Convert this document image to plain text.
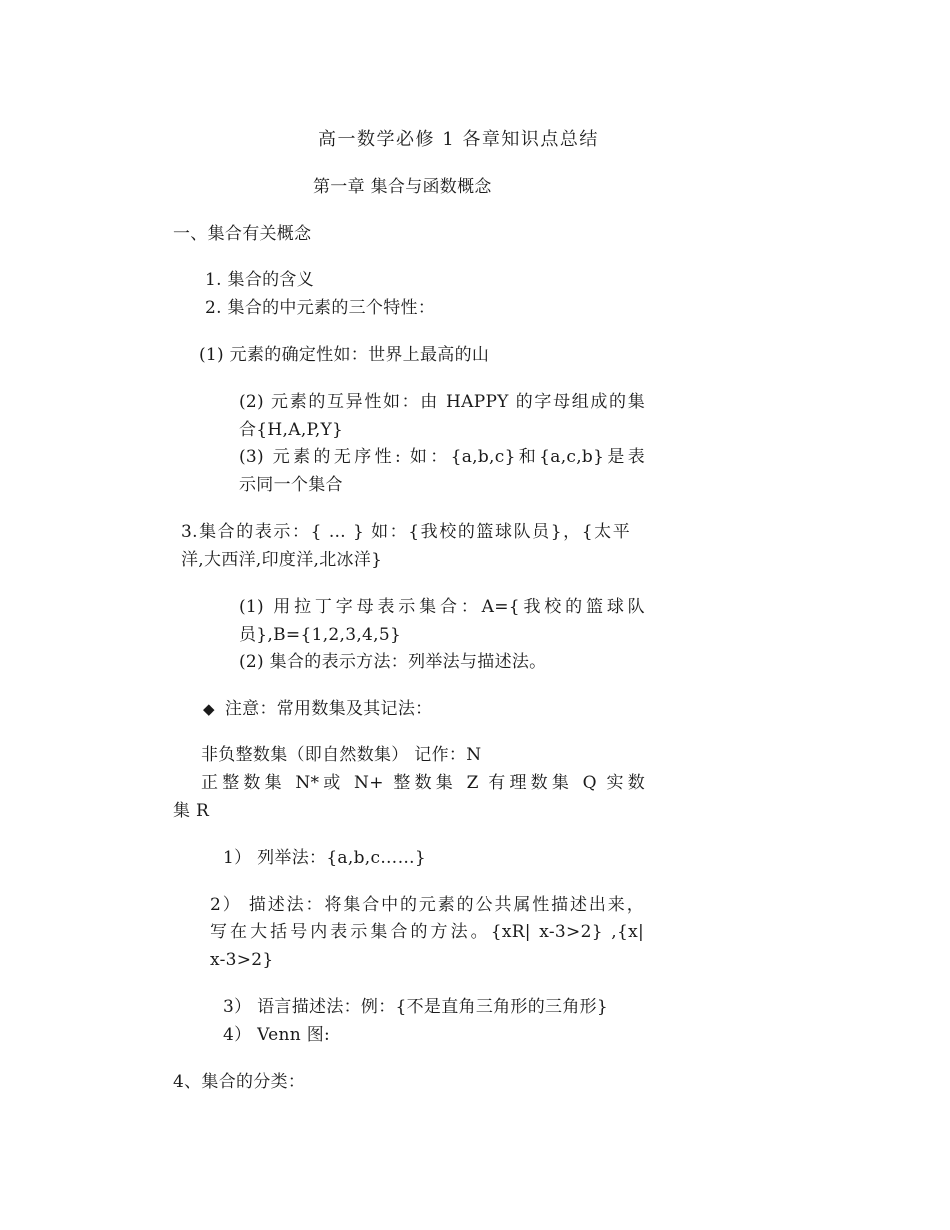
高一数学必修 1 各章知识点总结
第一章 集合与函数概念
一、集合有关概念
1. 集合的含义
2. 集合的中元素的三个特性：
(1) 元素的确定性如：世界上最高的山
(2) 元素的互异性如：由 HAPPY 的字母组成的集
合{H,A,P,Y}
(3) 元素的无序性: 如：{a,b,c}和{a,c,b}是表
示同一个集合
3.集合的表示：{ … } 如：{我校的篮球队员}，{太平
洋,大西洋,印度洋,北冰洋}
(1) 用拉丁字母表示集合：A={我校的篮球队
员},B={1,2,3,4,5}
(2) 集合的表示方法：列举法与描述法。
◆ 注意：常用数集及其记法：
非负整数集（即自然数集） 记作：N
正整数集 N*或 N+ 整数集 Z 有理数集 Q 实数
集 R
1） 列举法：{a,b,c……}
2） 描述法：将集合中的元素的公共属性描述出来，
写在大括号内表示集合的方法。{xR| x-3>2} ,{x|
x-3>2}
3） 语言描述法：例：{不是直角三角形的三角形}
4） Venn 图:
4、集合的分类：
